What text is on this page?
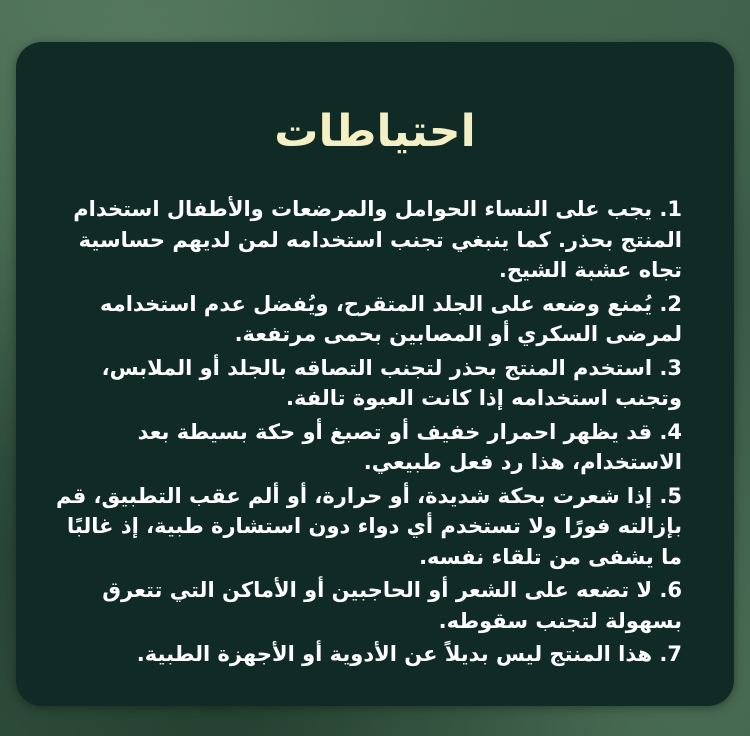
احتياطات
1. يجب على النساء الحوامل والمرضعات والأطفال استخدام المنتج بحذر. كما ينبغي تجنب استخدامه لمن لديهم حساسية تجاه عشبة الشيح.
2. يُمنع وضعه على الجلد المتقرح، ويُفضل عدم استخدامه لمرضى السكري أو المصابين بحمى مرتفعة.
3. استخدم المنتج بحذر لتجنب التصاقه بالجلد أو الملابس، وتجنب استخدامه إذا كانت العبوة تالفة.
4. قد يظهر احمرار خفيف أو تصبغ أو حكة بسيطة بعد الاستخدام، هذا رد فعل طبيعي.
5. إذا شعرت بحكة شديدة، أو حرارة، أو ألم عقب التطبيق، قم بإزالته فورًا ولا تستخدم أي دواء دون استشارة طبية، إذ غالبًا ما يشفى من تلقاء نفسه.
6. لا تضعه على الشعر أو الحاجبين أو الأماكن التي تتعرق بسهولة لتجنب سقوطه.
7. هذا المنتج ليس بديلاً عن الأدوية أو الأجهزة الطبية.
